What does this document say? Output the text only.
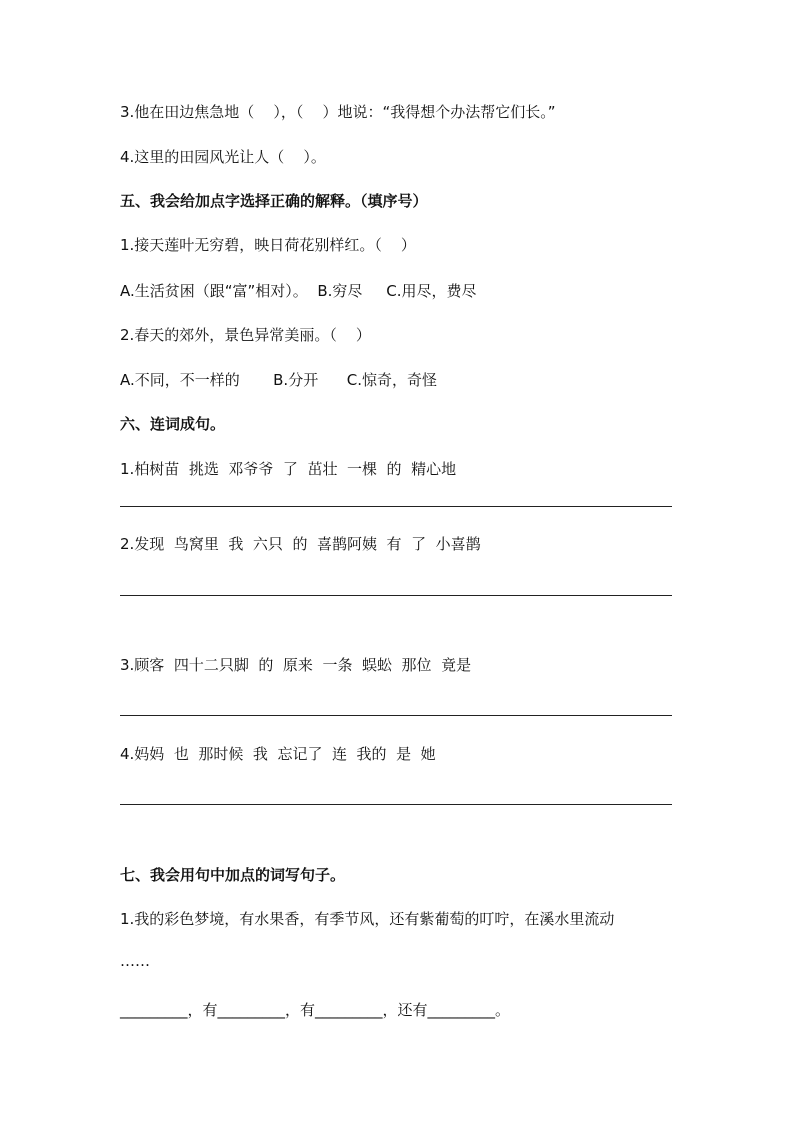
3.他在田边焦急地（    ），（    ）地说：“我得想个办法帮它们长。”

4.这里的田园风光让人（    ）。

五、我会给加点字选择正确的解释。（填序号）

1.接天莲叶无穷碧，映日荷花别样红。（    ）

A.生活贫困（跟“富”相对）。  B.穷尽     C.用尽，费尽

2.春天的郊外，景色异常美丽。（    ）

A.不同，不一样的       B.分开      C.惊奇，奇怪

六、连词成句。

1.柏树苗  挑选  邓爷爷  了  茁壮  一棵  的  精心地

2.发现  鸟窝里  我  六只  的  喜鹊阿姨  有  了  小喜鹊

3.顾客  四十二只脚  的  原来  一条  蜈蚣  那位  竟是

4.妈妈  也  那时候  我  忘记了  连  我的  是  她

七、我会用句中加点的词写句子。

1.我的彩色梦境，有水果香，有季节风，还有紫葡萄的叮咛，在溪水里流动

……

_________，有_________，有_________，还有_________。
